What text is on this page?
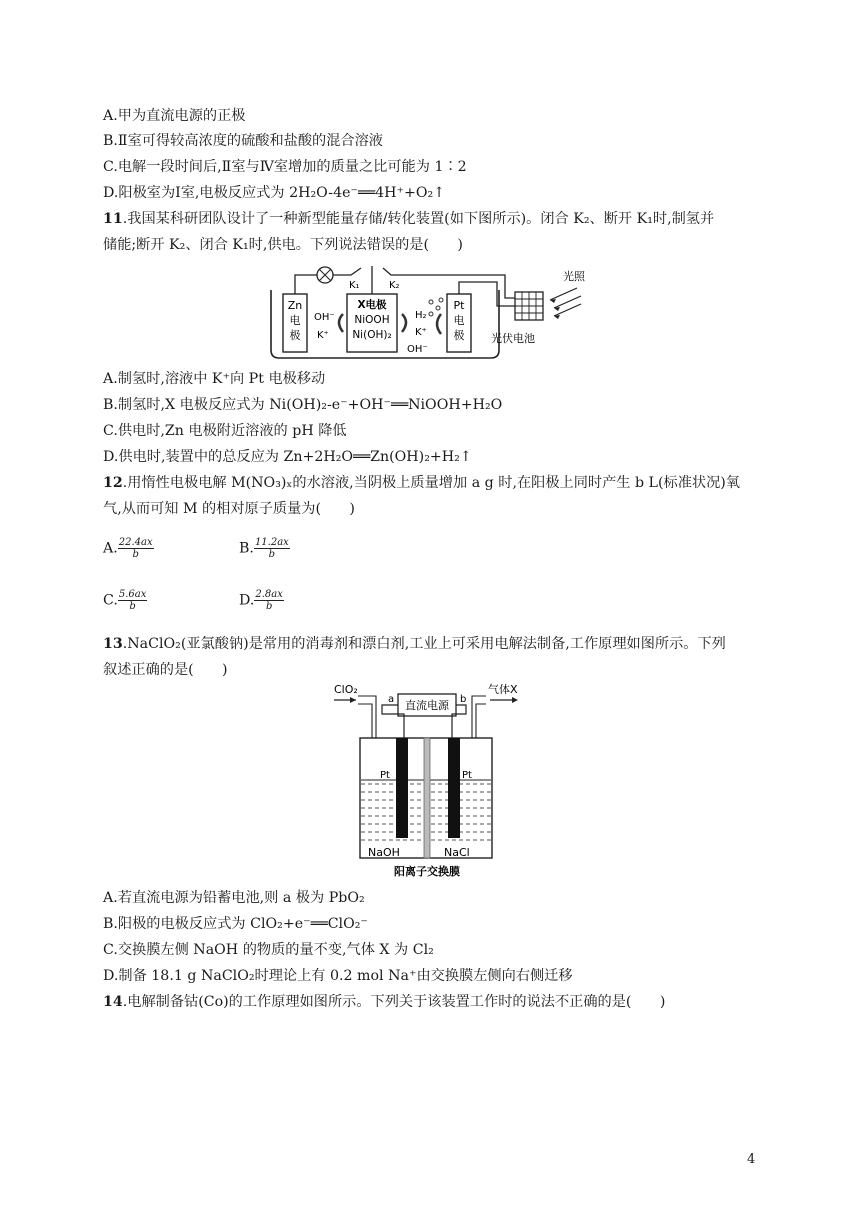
A.甲为直流电源的正极
B.Ⅱ室可得较高浓度的硫酸和盐酸的混合溶液
C.电解一段时间后,Ⅱ室与Ⅳ室增加的质量之比可能为 1∶2
D.阳极室为Ⅰ室,电极反应式为 2H₂O-4e⁻══4H⁺+O₂↑
11.我国某科研团队设计了一种新型能量存储/转化装置(如下图所示)。闭合 K₂、断开 K₁时,制氢并
储能;断开 K₂、闭合 K₁时,供电。下列说法错误的是(　　)
Zn
电
极
X电极
NiOOH
Ni(OH)₂
Pt
电
极
OH⁻
K⁺
H₂
K⁺
OH⁻
K₁	K₂
光伏电池
光照
A.制氢时,溶液中 K⁺向 Pt 电极移动
B.制氢时,X 电极反应式为 Ni(OH)₂-e⁻+OH⁻══NiOOH+H₂O
C.供电时,Zn 电极附近溶液的 pH 降低
D.供电时,装置中的总反应为 Zn+2H₂O══Zn(OH)₂+H₂↑
12.用惰性电极电解 M(NO₃)ₓ的水溶液,当阴极上质量增加 a g 时,在阳极上同时产生 b L(标准状况)氧
气,从而可知 M 的相对原子质量为(　　)
A. $\frac{22.4ax}{b}$	B. $\frac{11.2ax}{b}$
C. $\frac{5.6ax}{b}$	D. $\frac{2.8ax}{b}$
13.NaClO₂(亚氯酸钠)是常用的消毒剂和漂白剂,工业上可采用电解法制备,工作原理如图所示。下列
叙述正确的是(　　)
ClO₂	气体X
直流电源
a	b
Pt	Pt
NaOH	NaCl
阳离子交换膜
A.若直流电源为铅蓄电池,则 a 极为 PbO₂
B.阳极的电极反应式为 ClO₂+e⁻══ClO₂⁻
C.交换膜左侧 NaOH 的物质的量不变,气体 X 为 Cl₂
D.制备 18.1 g NaClO₂时理论上有 0.2 mol Na⁺由交换膜左侧向右侧迁移
14.电解制备钴(Co)的工作原理如图所示。下列关于该装置工作时的说法不正确的是(　　)
4
